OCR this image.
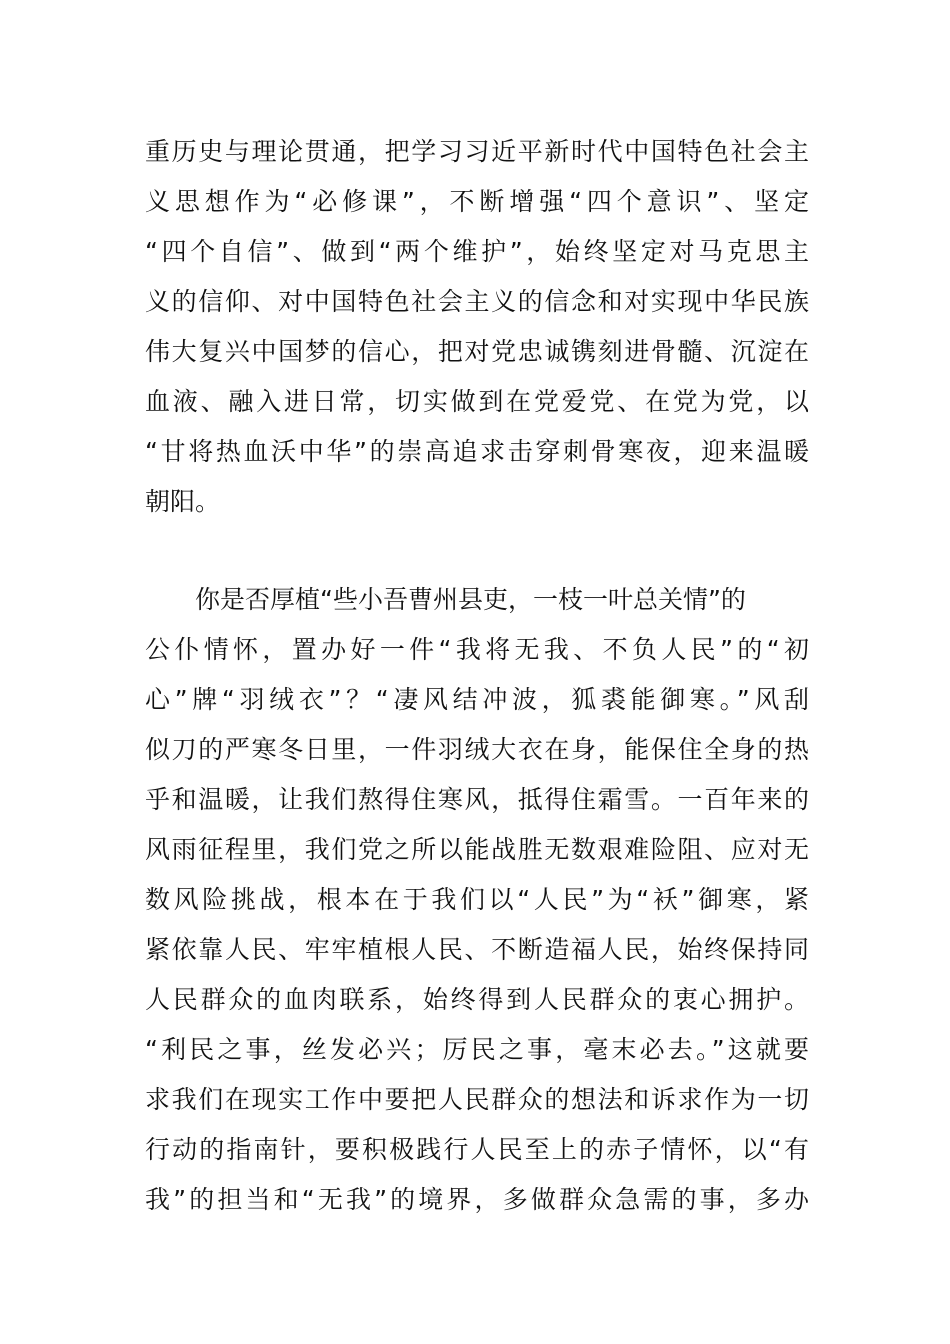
重历史与理论贯通，把学习习近平新时代中国特色社会主
义思想作为“必修课”，不断增强“四个意识”、坚定
“四个自信”、做到“两个维护”，始终坚定对马克思主
义的信仰、对中国特色社会主义的信念和对实现中华民族
伟大复兴中国梦的信心，把对党忠诚镌刻进骨髓、沉淀在
血液、融入进日常，切实做到在党爱党、在党为党，以
“甘将热血沃中华”的崇高追求击穿刺骨寒夜，迎来温暖
朝阳。
你是否厚植“些小吾曹州县吏，一枝一叶总关情”的
公仆情怀，置办好一件“我将无我、不负人民”的“初
心”牌“羽绒衣”？“凄风结冲波，狐裘能御寒。”风刮
似刀的严寒冬日里，一件羽绒大衣在身，能保住全身的热
乎和温暖，让我们熬得住寒风，抵得住霜雪。一百年来的
风雨征程里，我们党之所以能战胜无数艰难险阻、应对无
数风险挑战，根本在于我们以“人民”为“袄”御寒，紧
紧依靠人民、牢牢植根人民、不断造福人民，始终保持同
人民群众的血肉联系，始终得到人民群众的衷心拥护。
“利民之事，丝发必兴；厉民之事，毫末必去。”这就要
求我们在现实工作中要把人民群众的想法和诉求作为一切
行动的指南针，要积极践行人民至上的赤子情怀，以“有
我”的担当和“无我”的境界，多做群众急需的事，多办
